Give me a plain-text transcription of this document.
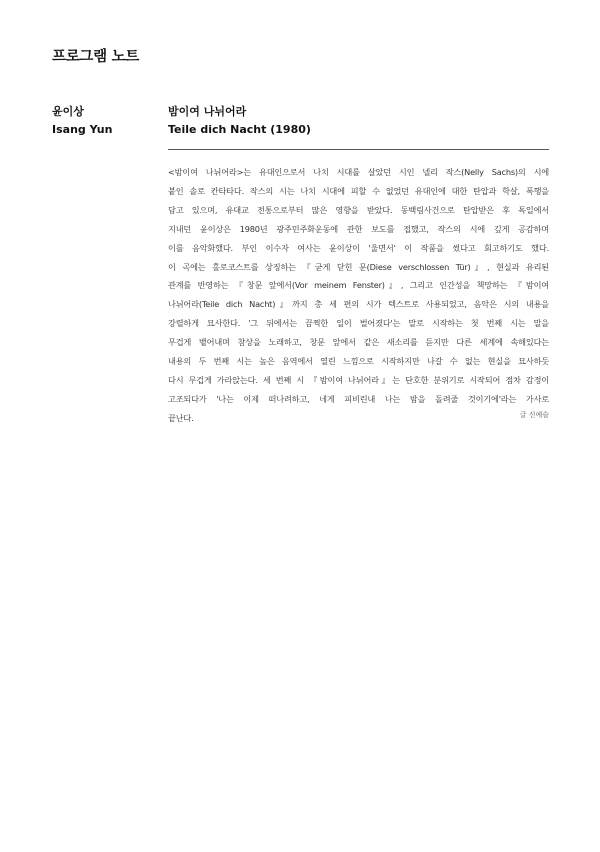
프로그램 노트
윤이상
Isang Yun
밤이여 나뉘어라
Teile dich Nacht (1980)
<밤이여 나뉘어라>는 유대인으로서 나치 시대를 살았던 시인 넬리 작스(Nelly Sachs)의 시에
붙인 솔로 칸타타다. 작스의 시는 나치 시대에 피할 수 없었던 유대인에 대한 탄압과 학살, 폭행을
담고 있으며, 유대교 전통으로부터 많은 영향을 받았다. 동백림사건으로 탄압받은 후 독일에서
지내던 윤이상은 1980년 광주민주화운동에 관한 보도를 접했고, 작스의 시에 깊게 공감하며
이를 음악화했다. 부인 이수자 여사는 윤이상이 '울면서' 이 작품을 썼다고 회고하기도 했다.
이 곡에는 홀로코스트를 상징하는 『굳게 닫힌 문(Diese verschlossen Tür)』, 현실과 유리된
관계를 반영하는 『창문 앞에서(Vor meinem Fenster)』, 그리고 인간성을 책망하는 『밤이여
나뉘어라(Teile dich Nacht)』까지 총 세 편의 시가 텍스트로 사용되었고, 음악은 시의 내용을
강렬하게 묘사한다. '그 뒤에서는 끔찍한 일이 벌어졌다'는 말로 시작하는 첫 번째 시는 말을
무겁게 뱉어내며 참상을 노래하고, 창문 앞에서 같은 새소리를 듣지만 다른 세계에 속해있다는
내용의 두 번째 시는 높은 음역에서 열린 느낌으로 시작하지만 나갈 수 없는 현실을 묘사하듯
다시 무겁게 가라앉는다. 세 번째 시 『밤이여 나뉘어라』는 단호한 분위기로 시작되어 점차 감정이
고조되다가 '나는 이제 떠나려하고, 네게 피비린내 나는 밤을 돌려줄 것이기에'라는 가사로
끝난다.	글 신예슬
